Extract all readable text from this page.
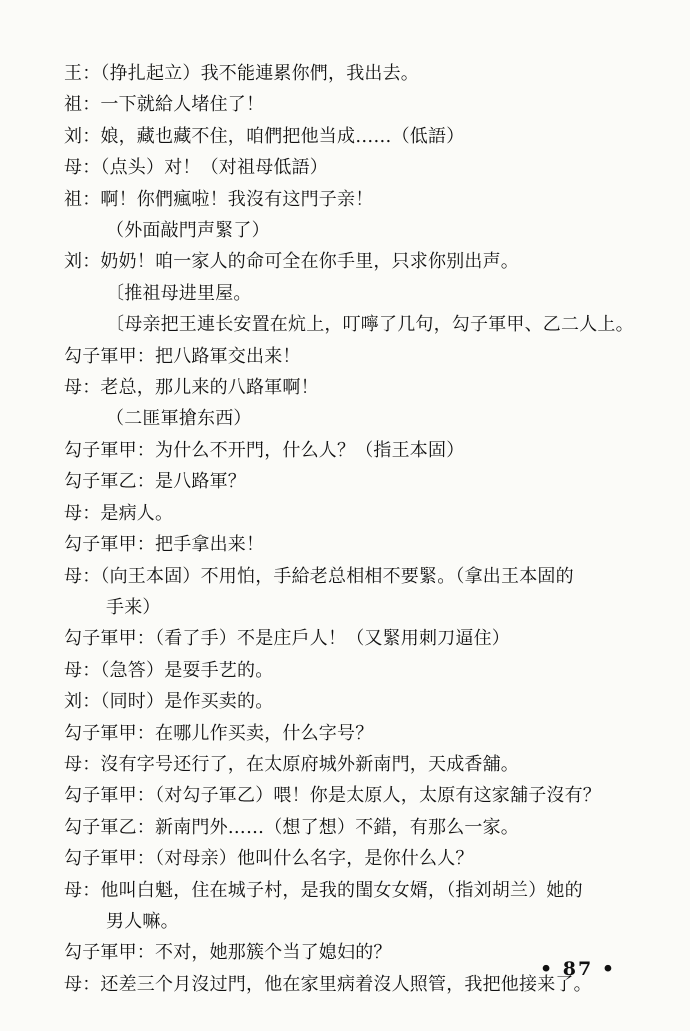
王：（挣扎起立）我不能連累你們，我出去。
祖：一下就給人堵住了！
刘：娘，藏也藏不住，咱們把他当成……（低語）
母：（点头）对！（对祖母低語）
祖：啊！你們瘋啦！我沒有这門子亲！
（外面敲門声緊了）
刘：奶奶！咱一家人的命可全在你手里，只求你别出声。
〔推祖母进里屋。
〔母亲把王連长安置在炕上，叮嚀了几句，勾子軍甲、乙二人上。
勾子軍甲：把八路軍交出来！
母：老总，那儿来的八路軍啊！
（二匪軍搶东西）
勾子軍甲：为什么不开門，什么人？（指王本固）
勾子軍乙：是八路軍？
母：是病人。
勾子軍甲：把手拿出来！
母：（向王本固）不用怕，手給老总相相不要緊。（拿出王本固的
手来）
勾子軍甲：（看了手）不是庄戶人！（又緊用刺刀逼住）
母：（急答）是耍手艺的。
刘：（同时）是作买卖的。
勾子軍甲：在哪儿作买卖，什么字号？
母：沒有字号还行了，在太原府城外新南門，天成香舖。
勾子軍甲：（对勾子軍乙）喂！你是太原人，太原有这家舖子沒有？
勾子軍乙：新南門外……（想了想）不錯，有那么一家。
勾子軍甲：（对母亲）他叫什么名字，是你什么人？
母：他叫白魁，住在城子村，是我的閨女女婿，（指刘胡兰）她的
男人嘛。
勾子軍甲：不对，她那簇个当了媳妇的？
母：还差三个月沒过門，他在家里病着沒人照管，我把他接来了。
• 87 •
